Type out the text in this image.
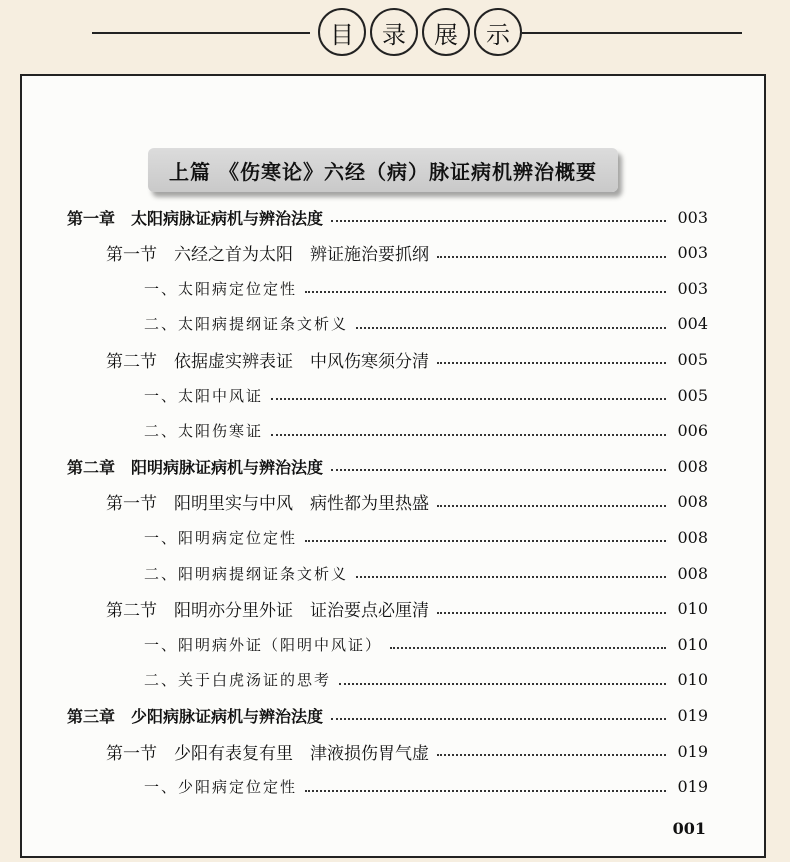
目	录	展	示
上篇 《伤寒论》六经（病）脉证病机辨治概要
第一章　太阳病脉证病机与辨治法度	003
第一节　六经之首为太阳　辨证施治要抓纲	003
一、太阳病定位定性	003
二、太阳病提纲证条文析义	004
第二节　依据虚实辨表证　中风伤寒须分清	005
一、太阳中风证	005
二、太阳伤寒证	006
第二章　阳明病脉证病机与辨治法度	008
第一节　阳明里实与中风　病性都为里热盛	008
一、阳明病定位定性	008
二、阳明病提纲证条文析义	008
第二节　阳明亦分里外证　证治要点必厘清	010
一、阳明病外证（阳明中风证）	010
二、关于白虎汤证的思考	010
第三章　少阳病脉证病机与辨治法度	019
第一节　少阳有表复有里　津液损伤胃气虚	019
一、少阳病定位定性	019
001
